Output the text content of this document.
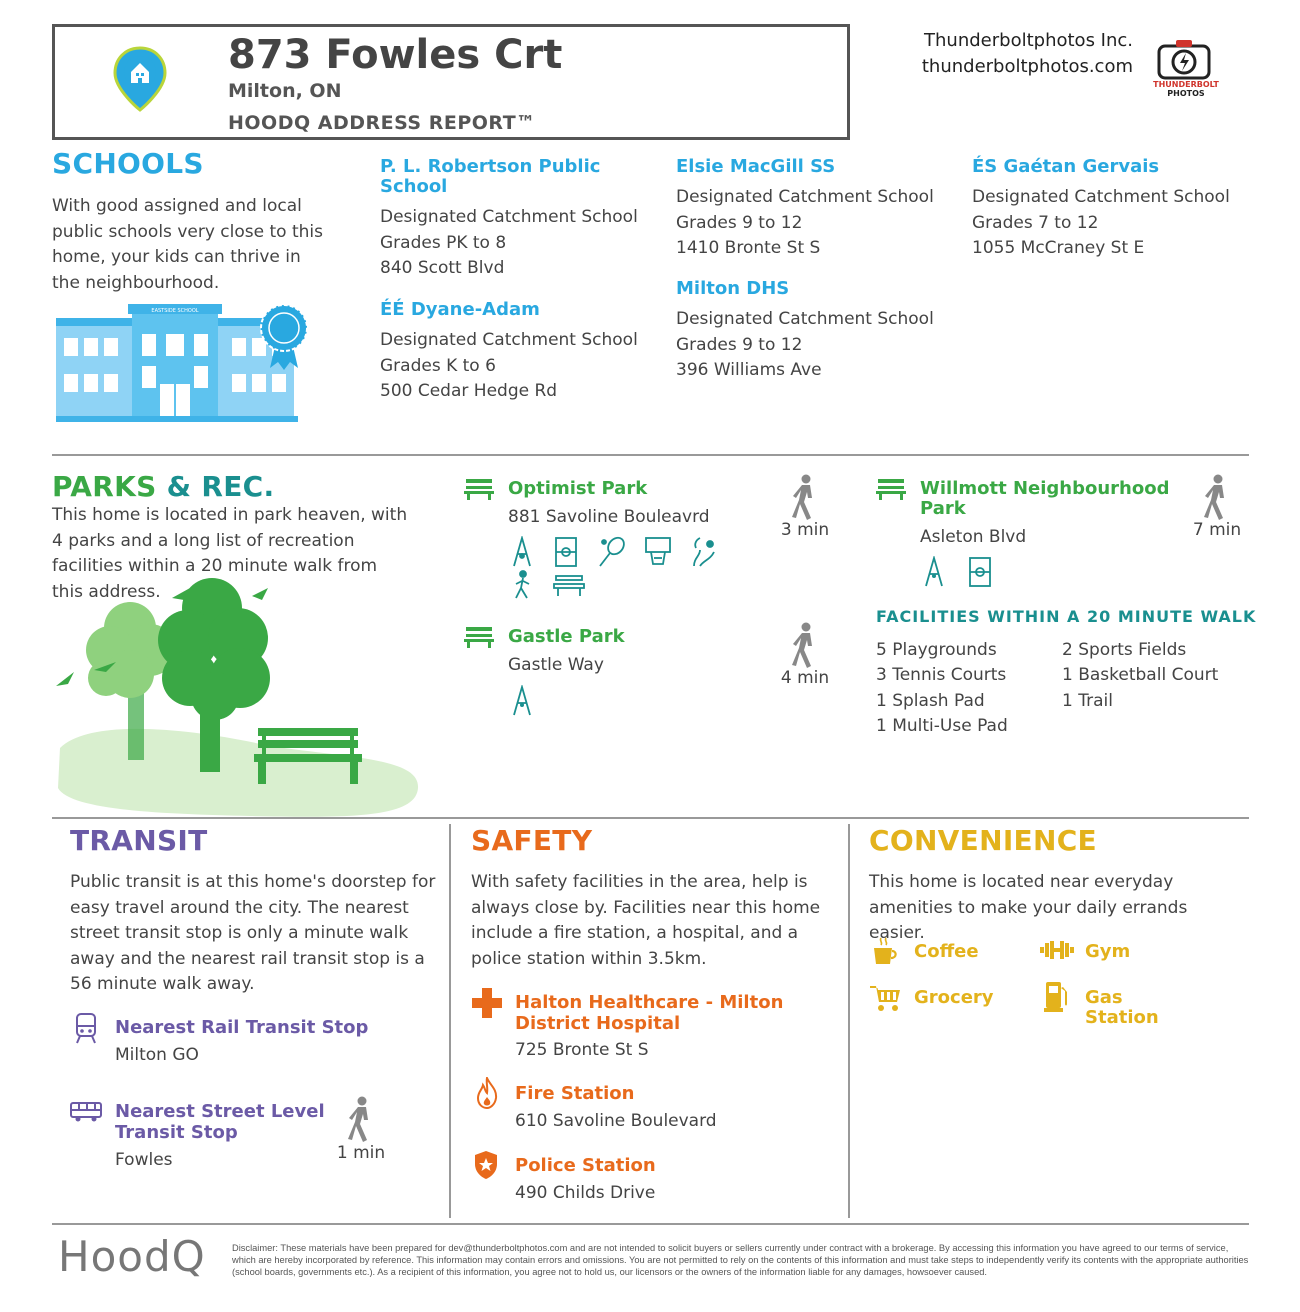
873 Fowles Crt
Milton, ON
HOODQ ADDRESS REPORT™
Thunderboltphotos Inc.
thunderboltphotos.com
THUNDERBOLT
PHOTOS
SCHOOLS
With good assigned and local public schools very close to this home, your kids can thrive in the neighbourhood.
EASTSIDE SCHOOL
P. L. Robertson Public School
Designated Catchment School
Grades PK to 8
840 Scott Blvd
ÉÉ Dyane-Adam
Designated Catchment School
Grades K to 6
500 Cedar Hedge Rd
Elsie MacGill SS
Designated Catchment School
Grades 9 to 12
1410 Bronte St S
Milton DHS
Designated Catchment School
Grades 9 to 12
396 Williams Ave
ÉS Gaétan Gervais
Designated Catchment School
Grades 7 to 12
1055 McCraney St E
PARKS & REC.
This home is located in park heaven, with 4 parks and a long list of recreation facilities within a 20 minute walk from this address.
Optimist Park
881 Savoline Bouleavrd
3 min
Gastle Park
Gastle Way
4 min
Willmott Neighbourhood Park
Asleton Blvd	7 min
FACILITIES WITHIN A 20 MINUTE WALK
5 Playgrounds	2 Sports Fields
3 Tennis Courts	1 Basketball Court
1 Splash Pad	1 Trail
1 Multi-Use Pad
TRANSIT
Public transit is at this home's doorstep for easy travel around the city. The nearest street transit stop is only a minute walk away and the nearest rail transit stop is a 56 minute walk away.
Nearest Rail Transit Stop
Milton GO
Nearest Street Level Transit Stop
Fowles	1 min
SAFETY
With safety facilities in the area, help is always close by. Facilities near this home include a fire station, a hospital, and a police station within 3.5km.
Halton Healthcare - Milton District Hospital
725 Bronte St S
Fire Station
610 Savoline Boulevard
Police Station
490 Childs Drive
CONVENIENCE
This home is located near everyday amenities to make your daily errands easier.
Coffee	Gym
Grocery	Gas Station
HoodQ	Disclaimer: These materials have been prepared for dev@thunderboltphotos.com and are not intended to solicit buyers or sellers currently under contract with a brokerage. By accessing this information you have agreed to our terms of service, which are hereby incorporated by reference. This information may contain errors and omissions. You are not permitted to rely on the contents of this information and must take steps to independently verify its contents with the appropriate authorities (school boards, governments etc.). As a recipient of this information, you agree not to hold us, our licensors or the owners of the information liable for any damages, howsoever caused.
